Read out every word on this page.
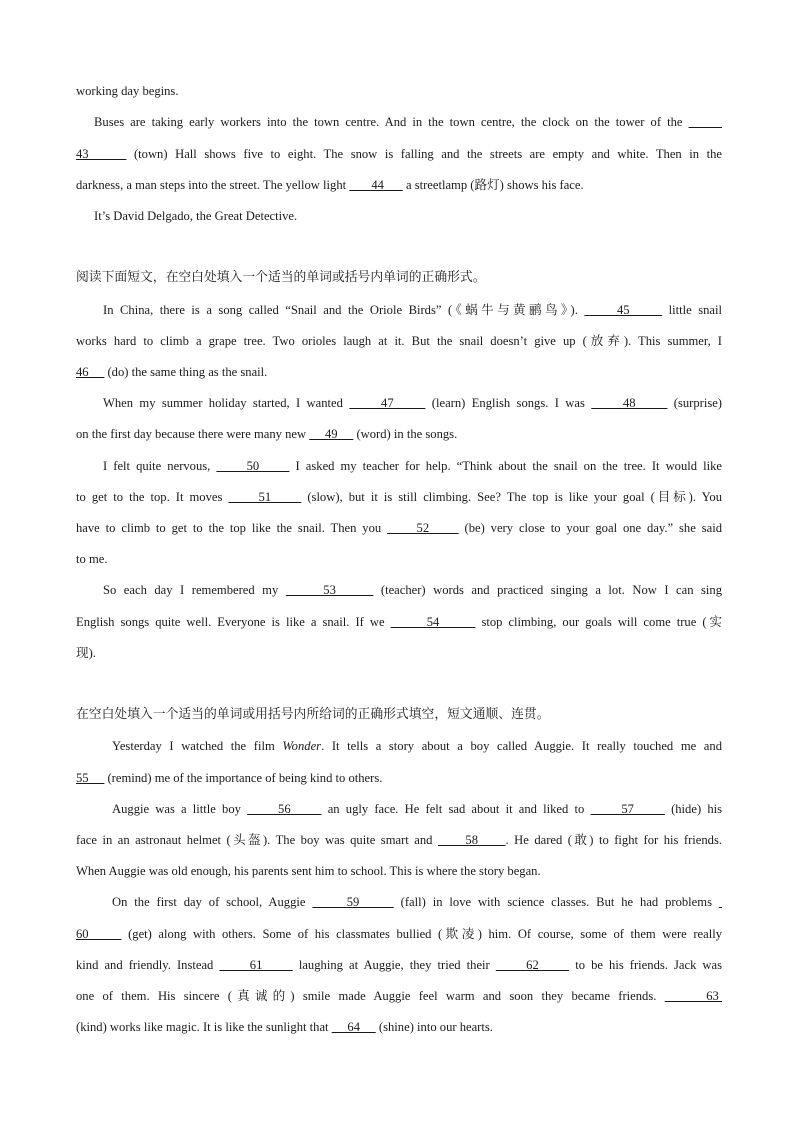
working day begins.
Buses are taking early workers into the town centre. And in the town centre, the clock on the tower of the
43      (town) Hall shows five to eight. The snow is falling and the streets are empty and white. Then in the
darkness, a man steps into the street. The yellow light        44       a streetlamp (路灯) shows his face.
It’s David Delgado, the Great Detective.
阅读下面短文，在空白处填入一个适当的单词或括号内单词的正确形式。
In China, there is a song called “Snail and the Oriole Birds” (《蜗牛与黄鹂鸟》).      45      little snail
works hard to climb a grape tree. Two orioles laugh at it. But the snail doesn’t give up (放弃). This summer, I
46      (do) the same thing as the snail.
When my summer holiday started, I wanted      47      (learn) English songs. I was      48      (surprise)
on the first day because there were many new      49      (word) in the songs.
I felt quite nervous,      50      I asked my teacher for help. “Think about the snail on the tree. It would like
to get to the top. It moves      51      (slow), but it is still climbing. See? The top is like your goal (目标). You
have to climb to get to the top like the snail. Then you      52      (be) very close to your goal one day.” she said
to me.
So each day I remembered my      53      (teacher) words and practiced singing a lot. Now I can sing
English songs quite well. Everyone is like a snail. If we       54       stop climbing, our goals will come true (实
现).
在空白处填入一个适当的单词或用括号内所给词的正确形式填空，短文通顺、连贯。
Yesterday I watched the film Wonder. It tells a story about a boy called Auggie. It really touched me and
55      (remind) me of the importance of being kind to others.
Auggie was a little boy      56      an ugly face. He felt sad about it and liked to      57      (hide) his
face in an astronaut helmet (头盔). The boy was quite smart and      58     . He dared (敢) to fight for his friends.
When Auggie was old enough, his parents sent him to school. This is where the story began.
On the first day of school, Auggie      59      (fall) in love with science classes. But he had problems
60      (get) along with others. Some of his classmates bullied (欺凌) him. Of course, some of them were really
kind and friendly. Instead      61      laughing at Auggie, they tried their      62      to be his friends. Jack was
one of them. His sincere (真诚的) smile made Auggie feel warm and soon they became friends.      63
(kind) works like magic. It is like the sunlight that      64      (shine) into our hearts.
